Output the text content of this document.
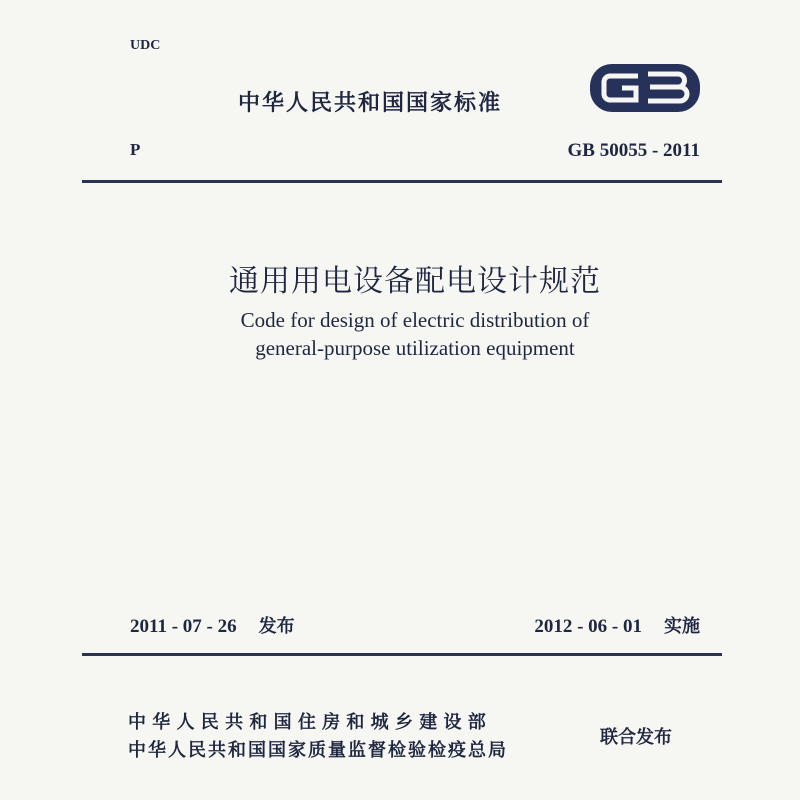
UDC
中华人民共和国国家标准
GB
P	GB 50055 - 2011
通用用电设备配电设计规范
Code for design of electric distribution of
general-purpose utilization equipment
2011 - 07 - 26 发布	2012 - 06 - 01 实施
中 华 人 民 共 和 国 住 房 和 城 乡 建 设 部
中华人民共和国国家质量监督检验检疫总局
联合发布
